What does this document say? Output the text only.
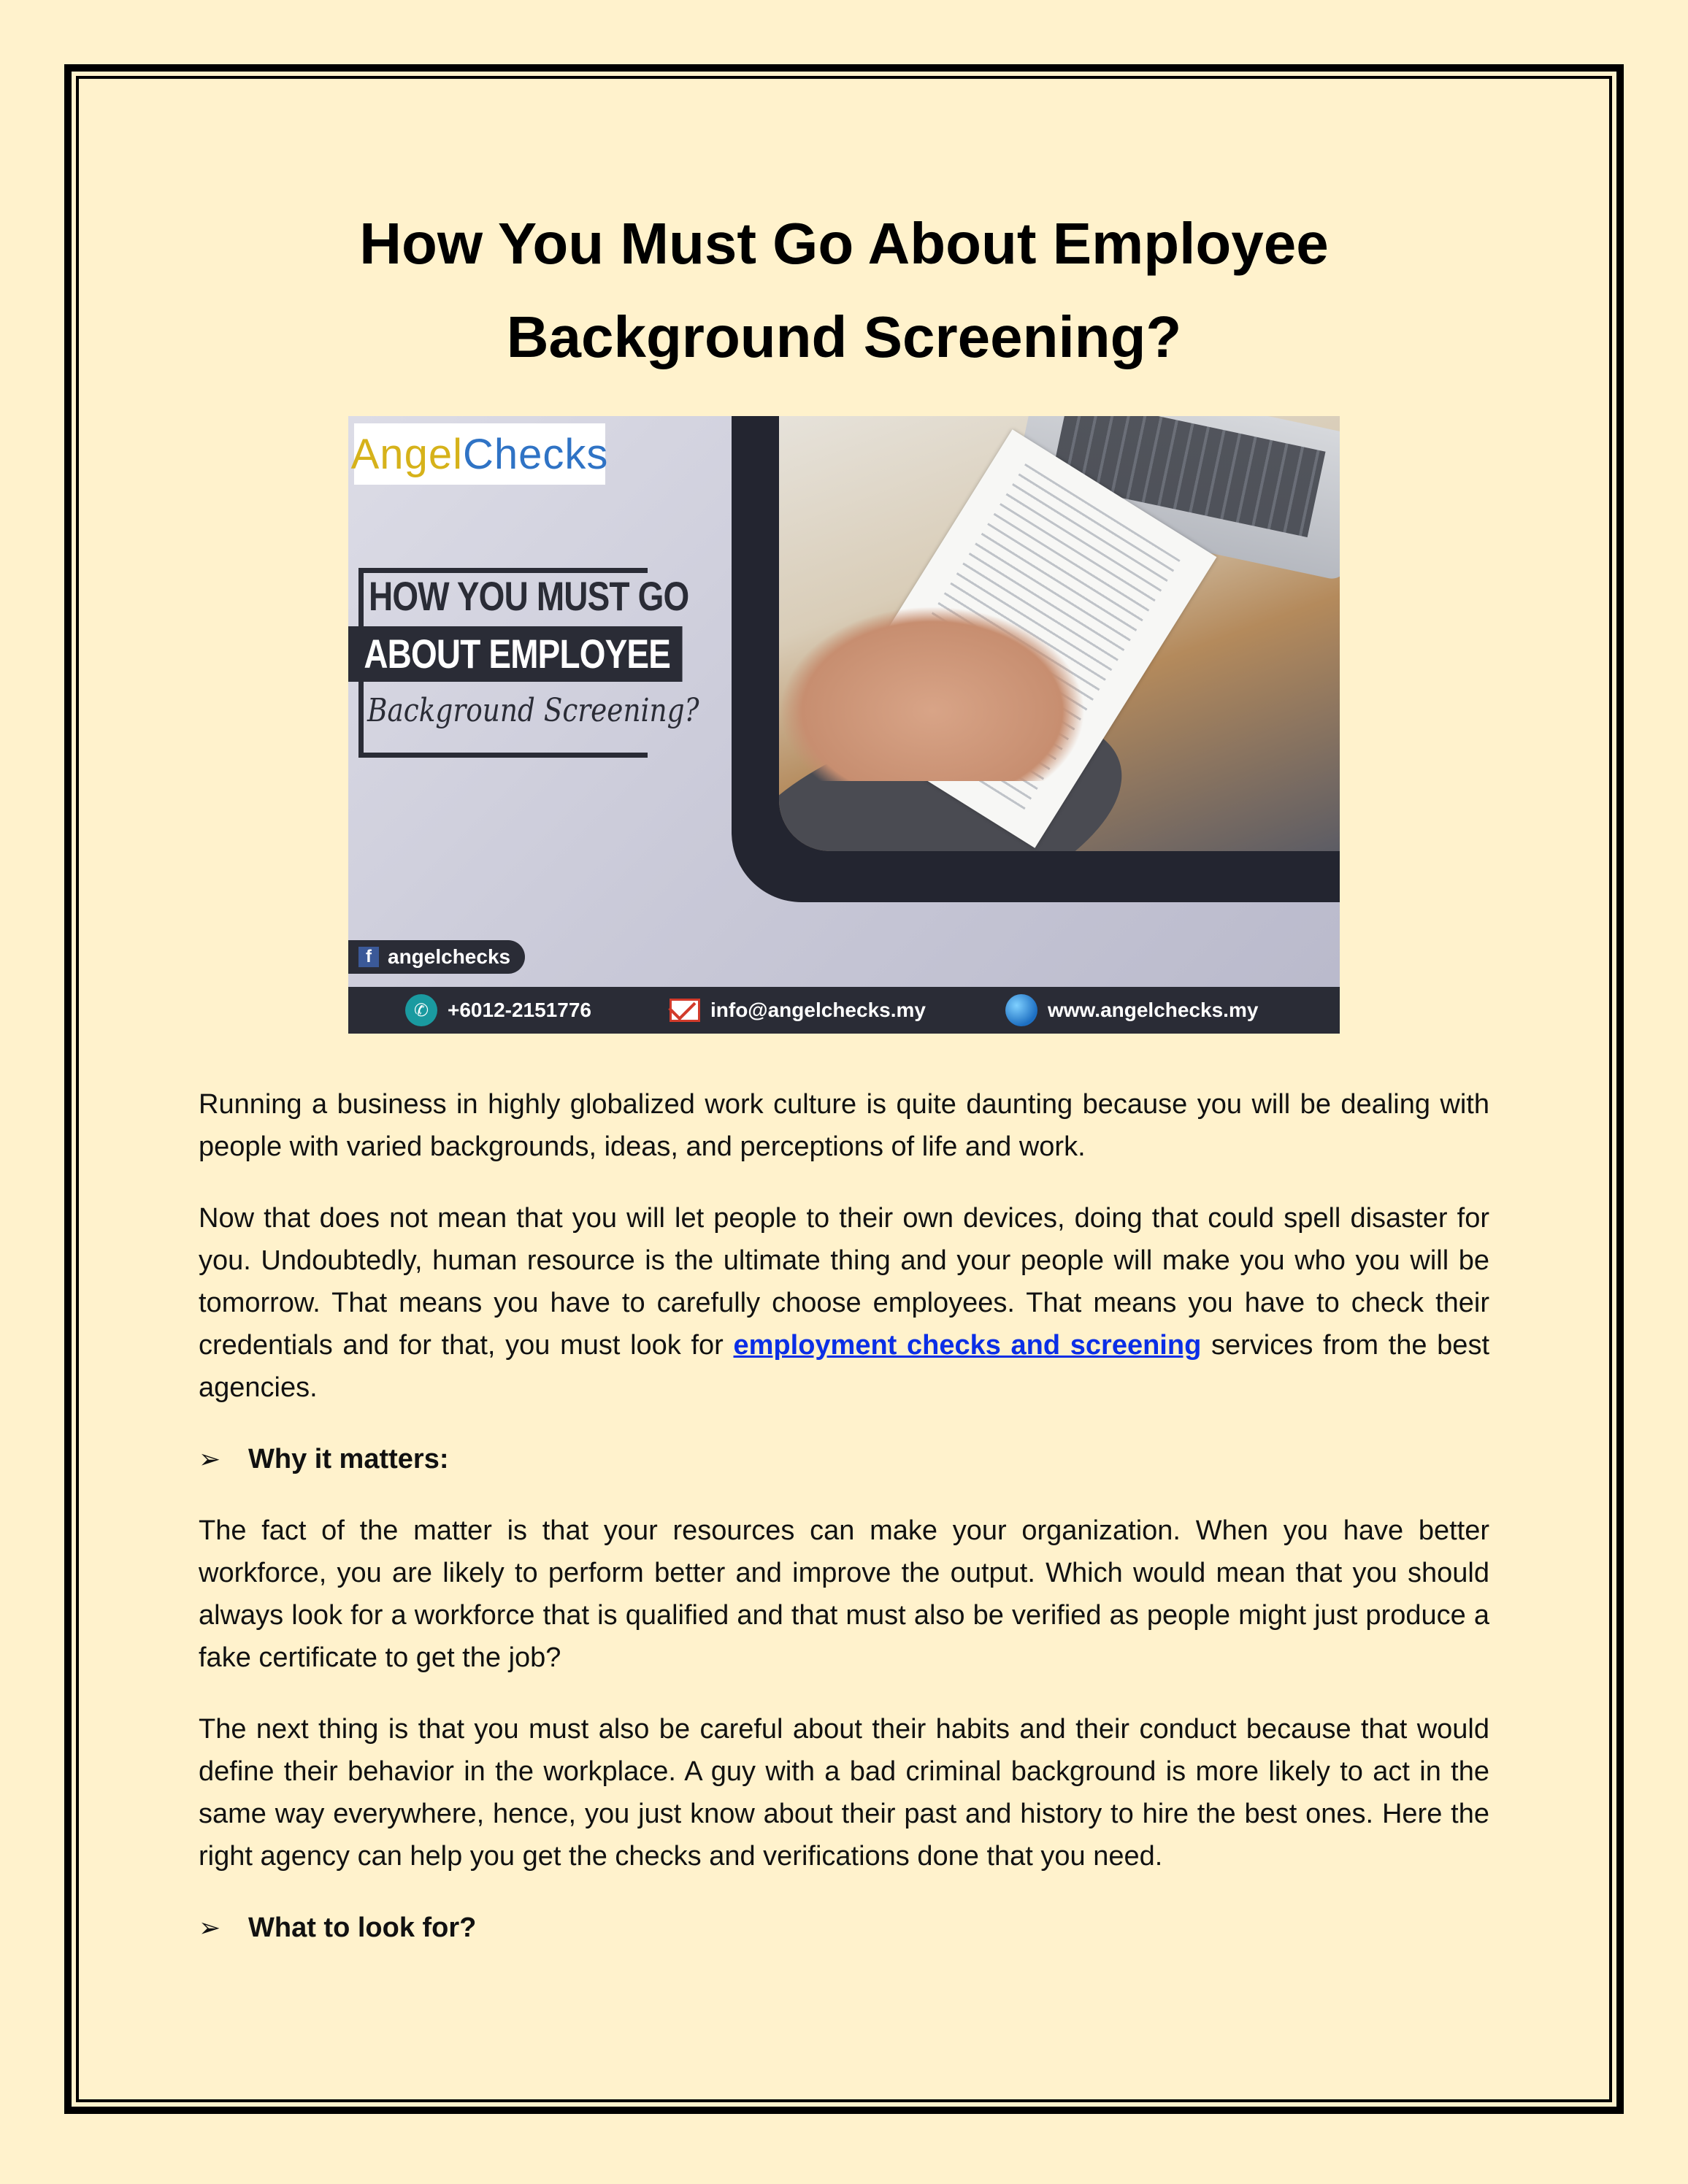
How You Must Go About Employee
Background Screening?
Angel Checks
HOW YOU MUST GO
ABOUT EMPLOYEE
Background Screening?
f angelchecks
✆ +6012-2151776	info@angelchecks.my	www.angelchecks.my

Running a business in highly globalized work culture is quite daunting because you will be dealing with people with varied backgrounds, ideas, and perceptions of life and work.

Now that does not mean that you will let people to their own devices, doing that could spell disaster for you. Undoubtedly, human resource is the ultimate thing and your people will make you who you will be tomorrow. That means you have to carefully choose employees. That means you have to check their credentials and for that, you must look for employment checks and screening services from the best agencies.

➢ Why it matters:

The fact of the matter is that your resources can make your organization. When you have better workforce, you are likely to perform better and improve the output. Which would mean that you should always look for a workforce that is qualified and that must also be verified as people might just produce a fake certificate to get the job?

The next thing is that you must also be careful about their habits and their conduct because that would define their behavior in the workplace. A guy with a bad criminal background is more likely to act in the same way everywhere, hence, you just know about their past and history to hire the best ones. Here the right agency can help you get the checks and verifications done that you need.

➢ What to look for?
